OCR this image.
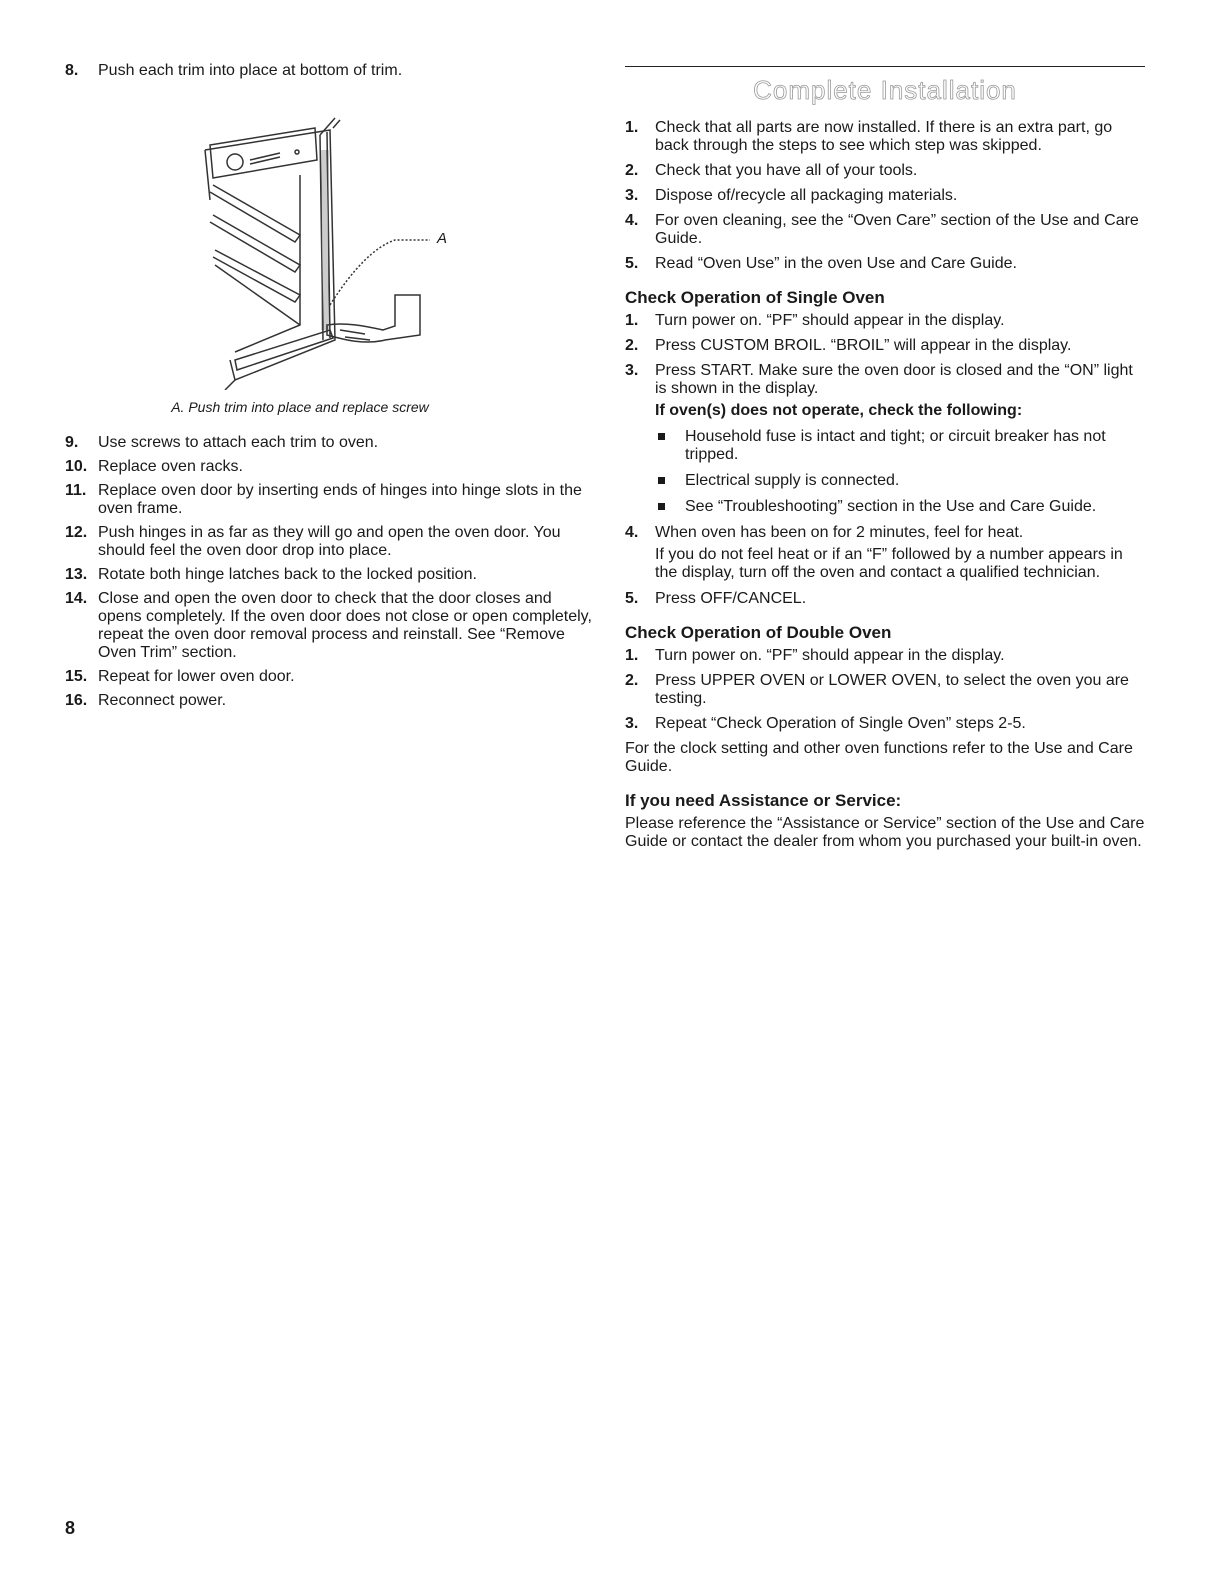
8. Push each trim into place at bottom of trim.
A
A. Push trim into place and replace screw
9. Use screws to attach each trim to oven.
10. Replace oven racks.
11. Replace oven door by inserting ends of hinges into hinge slots in the oven frame.
12. Push hinges in as far as they will go and open the oven door. You should feel the oven door drop into place.
13. Rotate both hinge latches back to the locked position.
14. Close and open the oven door to check that the door closes and opens completely. If the oven door does not close or open completely, repeat the oven door removal process and reinstall. See “Remove Oven Trim” section.
15. Repeat for lower oven door.
16. Reconnect power.
Complete Installation
1. Check that all parts are now installed. If there is an extra part, go back through the steps to see which step was skipped.
2. Check that you have all of your tools.
3. Dispose of/recycle all packaging materials.
4. For oven cleaning, see the “Oven Care” section of the Use and Care Guide.
5. Read “Oven Use” in the oven Use and Care Guide.
Check Operation of Single Oven
1. Turn power on. “PF” should appear in the display.
2. Press CUSTOM BROIL. “BROIL” will appear in the display.
3. Press START. Make sure the oven door is closed and the “ON” light is shown in the display.
If oven(s) does not operate, check the following:
Household fuse is intact and tight; or circuit breaker has not tripped.
Electrical supply is connected.
See “Troubleshooting” section in the Use and Care Guide.
4. When oven has been on for 2 minutes, feel for heat.
If you do not feel heat or if an “F” followed by a number appears in the display, turn off the oven and contact a qualified technician.
5. Press OFF/CANCEL.
Check Operation of Double Oven
1. Turn power on. “PF” should appear in the display.
2. Press UPPER OVEN or LOWER OVEN, to select the oven you are testing.
3. Repeat “Check Operation of Single Oven” steps 2-5.
For the clock setting and other oven functions refer to the Use and Care Guide.
If you need Assistance or Service:
Please reference the “Assistance or Service” section of the Use and Care Guide or contact the dealer from whom you purchased your built-in oven.
8
